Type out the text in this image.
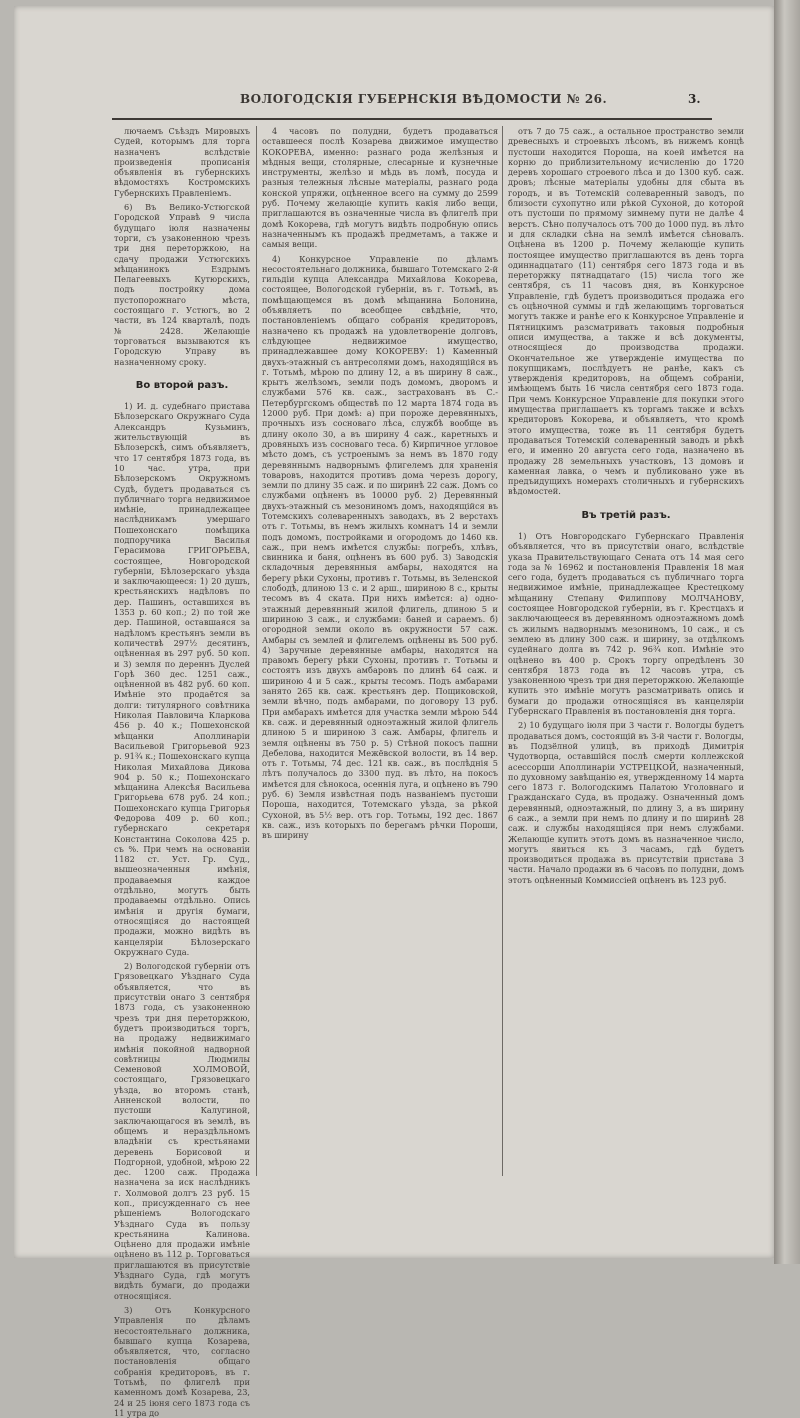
ВОЛОГОДСКІЯ ГУБЕРНСКІЯ ВѢДОМОСТИ № 26.	3.

лючаемъ Съѣздъ Мировыхъ Судей, которымъ для торга назначенъ вслѣдствіе произведенія прописанія объявленія въ губернскихъ вѣдомостяхъ Костромскихъ Губернскихъ Правленіемъ.

6) Въ Велико-Устюгской Городской Управѣ 9 числа будущаго іюля назначены торги, съ узаконенною чрезъ три дня переторжкою, на сдачу продажи Устюгскихъ мѣщанинокъ Ездрымъ Пелагеевыхъ Кутюрскихъ, подъ постройку дома пустопорожнаго мѣста, состоящаго г. Устюгъ, во 2 части, въ 124 кварталѣ, подъ № 2428. Желающіе торговаться вызываются къ Городскую Управу въ назначенному сроку.

Во второй разъ.

1) И. д. судебнаго пристава Бѣлозерскаго Окружнаго Суда Александръ Кузьминъ, жительствующій въ Бѣлозерскѣ, симъ объявляетъ, что 17 сентября 1873 года, въ 10 час. утра, при Бѣлозерскомъ Окружномъ Судѣ, будетъ продаваться съ публичнаго торга недвижимое имѣніе, принадлежащее наслѣдникамъ умершаго Пошехонскаго помѣщика подпоручика Василья Герасимова ГРИГОРЬЕВА, состоящее, Новгородской губерніи, Бѣлозерскаго уѣзда и заключающееся: 1) 20 душъ, крестьянскихъ надѣловъ по дер. Пашинъ, оставшихся въ 1353 р. 60 коп.; 2) по той же дер. Пашиной, оставшаяся за надѣломъ крестьянъ земли въ количествѣ 297½ десятинъ, оцѣненная въ 297 руб. 50 коп. и 3) земля по дереннъ Дуслей Горѣ 360 дес. 1251 саж., оцѣненной въ 482 руб. 60 коп. Имѣніе это продаётся за долги: титулярного совѣтника Николая Павловича Кларкова 456 р. 40 к.; Пошехонской мѣщанки Аполлинаріи Васильевой Григорьевой 923 р. 91¾ к.; Пошехонскаго купца Николая Михайлова Дикова 904 р. 50 к.; Пошехонскаго мѣщанина Алексѣя Васильева Григорьева 678 руб. 24 коп.; Пошехонскаго купца Григорья Федорова 409 р. 60 коп.; губернскаго секретаря Константина Соколова 425 р. съ %. При чемъ на основаніи 1182 ст. Уст. Гр. Суд., вышеозначенныя имѣнія, продаваемыя каждое отдѣльно, могутъ быть продаваемы отдѣльно. Опись имѣнія и другія бумаги, относящіяся до настоящей продажи, можно видѣть въ канцеляріи Бѣлозерскаго Окружнаго Суда.

2) Вологодской губерніи отъ Грязовецкаго Уѣзднаго Суда объявляется, что въ присутствіи онаго 3 сентября 1873 года, съ узаконенною чрезъ три дня переторжкою, будетъ производиться торгъ, на продажу недвижимаго имѣнія покойной надворной совѣтницы Людмилы Семеновой ХОЛМОВОЙ, состоящаго, Грязовецкаго уѣзда, во второмъ станѣ, Анненской волости, по пустоши Калугиной, заключающагося въ землѣ, въ общемъ и нераздѣльномъ владѣніи съ крестьянами деревень Борисовой и Подгорной, удобной, мѣрою 22 дес. 1200 саж. Продажа назначена за иск наслѣдникъ г. Холмовой долгъ 23 руб. 15 коп., присужденнаго съ нее рѣшеніемъ Вологодскаго Уѣзднаго Суда въ пользу крестьянина Калинова. Оцѣнено для продажи имѣніе оцѣнено въ 112 р. Торговаться приглашаются въ присутствіе Уѣзднаго Суда, гдѣ могутъ видѣть бумаги, до продажи относящіяся.

3) Отъ Конкурсного Управленія по дѣламъ несостоятельнаго должника, бывшаго купца Козарева, объявляется, что, согласно постановленія общаго собранія кредиторовъ, въ г. Тотьмѣ, по флигелѣ при каменномъ домѣ Козарева, 23, 24 и 25 іюня сего 1873 года съ 11 утра до

4 часовъ по полудни, будетъ продаваться оставшееся послѣ Козарева движимое имущество КОКОРЕВА, именно: разнаго рода желѣзныя и мѣдныя вещи, столярные, слесарные и кузнечные инструменты, желѣзо и мѣдь въ ломѣ, посуда и разныя тележныя лѣсные матеріалы, разнаго рода конской упряжи, оцѣненное всего на сумму до 2599 руб. Почему желающіе купить какія либо вещи, приглашаются въ означенные числа въ флигелѣ при домѣ Кокорева, гдѣ могутъ видѣть подробную опись назначеннымъ къ продажѣ предметамъ, а также и самыя вещи.

4) Конкурсное Управленіе по дѣламъ несостоятельнаго должника, бывшаго Тотемскаго 2-й гильдіи купца Александра Михайлова Кокорева, состоящее, Вологодской губерніи, въ г. Тотьмѣ, въ помѣщающемся въ домѣ мѣщанина Болонина, объявляетъ по всеобщее свѣдѣніе, что, постановленіемъ общаго собранія кредиторовъ, назначено къ продажѣ на удовлетвореніе долговъ, слѣдующее недвижимое имущество, принадлежавшее дому КОКОРЕВУ: 1) Каменный двухъ-этажный съ антресолями домъ, находящійся въ г. Тотьмѣ, мѣрою по длину 12, а въ ширину 8 саж., крытъ желѣзомъ, земли подъ домомъ, дворомъ и службами 576 кв. саж., застрахованъ въ С.-Петербургскомъ обществѣ по 12 марта 1874 года въ 12000 руб. При домѣ: а) при пороже деревянныхъ, прочныхъ изъ сосноваго лѣса, службѣ вообще въ длину около 30, а въ ширину 4 саж., каретныхъ и дровяныхъ изъ сосноваго теса. б) Кирпичное угловое мѣсто домъ, съ устроенымъ за немъ въ 1870 году деревяннымъ надворнымъ флигелемъ для храненія товаровъ, находится противъ дома черезъ дорогу, земли по длину 35 саж. и по ширинѣ 22 саж. Домъ со службами оцѣненъ въ 10000 руб. 2) Деревянный двухъ-этажный съ мезониномъ домъ, находящійся въ Тотемскихъ солеваренныхъ заводахъ, въ 2 верстахъ отъ г. Тотьмы, въ немъ жилыхъ комнатъ 14 и земли подъ домомъ, постройками и огородомъ до 1460 кв. саж., при немъ имѣется службы: погребъ, хлѣвъ, свинника и баня, оцѣненъ въ 600 руб. 3) Заводскія складочныя деревянныя амбары, находятся на берегу рѣки Сухоны, противъ г. Тотьмы, въ Зеленской слободѣ, длиною 13 с. и 2 арш., шириною 8 с., крыты тесомъ въ 4 ската. При нихъ имѣется: а) одно-этажный деревянный жилой флигель, длиною 5 и шириною 3 саж., и службами: баней и сараемъ. б) огородной земли около въ окружности 57 саж. Амбары съ землей и флигелемъ оцѣнены въ 500 руб. 4) Заручные деревянные амбары, находятся на правомъ берегу рѣки Сухоны, противъ г. Тотьмы и состоятъ изъ двухъ амбаровъ по длинѣ 64 саж. и шириною 4 и 5 саж., крыты тесомъ. Подъ амбарами занято 265 кв. саж. крестьянъ дер. Пощиковской, земли вѣчно, подъ амбарами, по договору 13 руб. При амбарахъ имѣется для участка земли мѣрою 544 кв. саж. и деревянный одноэтажный жилой флигель длиною 5 и шириною 3 саж. Амбары, флигель и земля оцѣнены въ 750 р. 5) Стѣной покосъ пашни Дебелова, находится Межёвской волости, въ 14 вер. отъ г. Тотьмы, 74 дес. 121 кв. саж., въ послѣднія 5 лѣтъ получалось до 3300 пуд. въ лѣто, на покосъ имѣется для сѣнокоса, осеннія луга, и оцѣнено въ 790 руб. 6) Земля извѣстная подъ названіемъ пустоши Пороша, находится, Тотемскаго уѣзда, за рѣкой Сухоной, въ 5½ вер. отъ гор. Тотьмы, 192 дес. 1867 кв. саж., изъ которыхъ по берегамъ рѣчки Пороши, въ ширину

отъ 7 до 75 саж., а остальное пространство земли древесныхъ и строевыхъ лѣсомъ, въ нижемъ концѣ пустоши находится Пороша, на коей имѣется на корню до приблизительному исчисленію до 1720 деревъ хорошаго строевого лѣса и до 1300 куб. саж. дровъ; лѣсные матеріалы удобны для сбыта въ городъ, и въ Тотемскій солеваренный заводъ, по близости сухопутно или рѣкой Сухоной, до которой отъ пустоши по прямому зимнему пути не далѣе 4 верстъ. Сѣно получалось отъ 700 до 1000 пуд. въ лѣто и для складки сѣна на землѣ имѣется сѣновалъ. Оцѣнена въ 1200 р. Почему желающіе купить постоящее имущество приглашаются въ день торга одиннадцатаго (11) сентября сего 1873 года и въ переторжку пятнадцатаго (15) числа того же сентября, съ 11 часовъ дня, въ Конкурсное Управленіе, гдѣ будетъ производиться продажа его съ оцѣночной суммы и гдѣ желающимъ торговаться могутъ также и ранѣе его к Конкурсное Управленіе и Пятницкимъ разсматривать таковыя подробныя описи имущества, а также и всѣ документы, относящіеся до производства продажи. Окончательное же утвержденіе имущества по покупщикамъ, послѣдуетъ не ранѣе, какъ съ утвержденія кредиторовъ, на общемъ собраніи, имѣющемъ быть 16 числа сентября сего 1873 года. При чемъ Конкурсное Управленіе для покупки этого имущества приглашаетъ къ торгамъ также и всѣхъ кредиторовъ Кокорева, и объявляетъ, что кромѣ этого имущества, тоже въ 11 сентября будетъ продаваться Тотемскій солеваренный заводъ и рѣкѣ его, и именно 20 августа сего года, назначено въ продажу 28 земельныхъ участковъ, 13 домовъ и каменная лавка, о чемъ и публиковано уже въ предъидущихъ номерахъ столичныхъ и губернскихъ вѣдомостей.

Въ третій разъ.

1) Отъ Новгородскаго Губернскаго Правленія объявляется, что въ присутствіи онаго, вслѣдствіе указа Правительствующаго Сената отъ 14 мая сего года за № 16962 и постановленія Правленія 18 мая сего года, будетъ продаваться съ публичнаго торга недвижимое имѣніе, принадлежащее Крестецкому мѣщанину Степану Филиппову МОЛЧАНОВУ, состоящее Новгородской губерніи, въ г. Крестцахъ и заключающееся въ деревянномъ одноэтажномъ домѣ съ жилымъ надворнымъ мезониномъ, 10 саж., и съ землею въ длину 300 саж. и ширину, за отдѣлкомъ судейнаго долга въ 742 р. 96¾ коп. Имѣніе это оцѣнено въ 400 р. Срокъ торгу опредѣленъ 30 сентября 1873 года въ 12 часовъ утра, съ узаконенною чрезъ три дня переторжкою. Желающіе купить это имѣніе могутъ разсматривать опись и бумаги до продажи относящіяся въ канцеляріи Губернскаго Правленія въ постановленія дня торга.

2) 10 будущаго іюля при 3 части г. Вологды будетъ продаваться домъ, состоящій въ 3-й части г. Вологды, въ Подзёлной улицѣ, въ приходѣ Димитрія Чудотворца, оставшійся послѣ смерти коллежской асессорши Аполлинаріи УСТРЕЦКОЙ, назначенный, по духовному завѣщанію ея, утвержденному 14 марта сего 1873 г. Вологодскимъ Палатою Уголовнаго и Гражданскаго Суда, въ продажу. Означенный домъ деревянный, одноэтажный, по длину 3, а въ ширину 6 саж., а земли при немъ по длину и по ширинѣ 28 саж. и службы находящіяся при немъ службами. Желающіе купить этотъ домъ въ назначенное число, могутъ явиться къ 3 часамъ, гдѣ будетъ производиться продажа въ присутствіи пристава 3 части. Начало продажи въ 6 часовъ по полудни, домъ этотъ оцѣненный Коммиссіей оцѣненъ въ 123 руб.
